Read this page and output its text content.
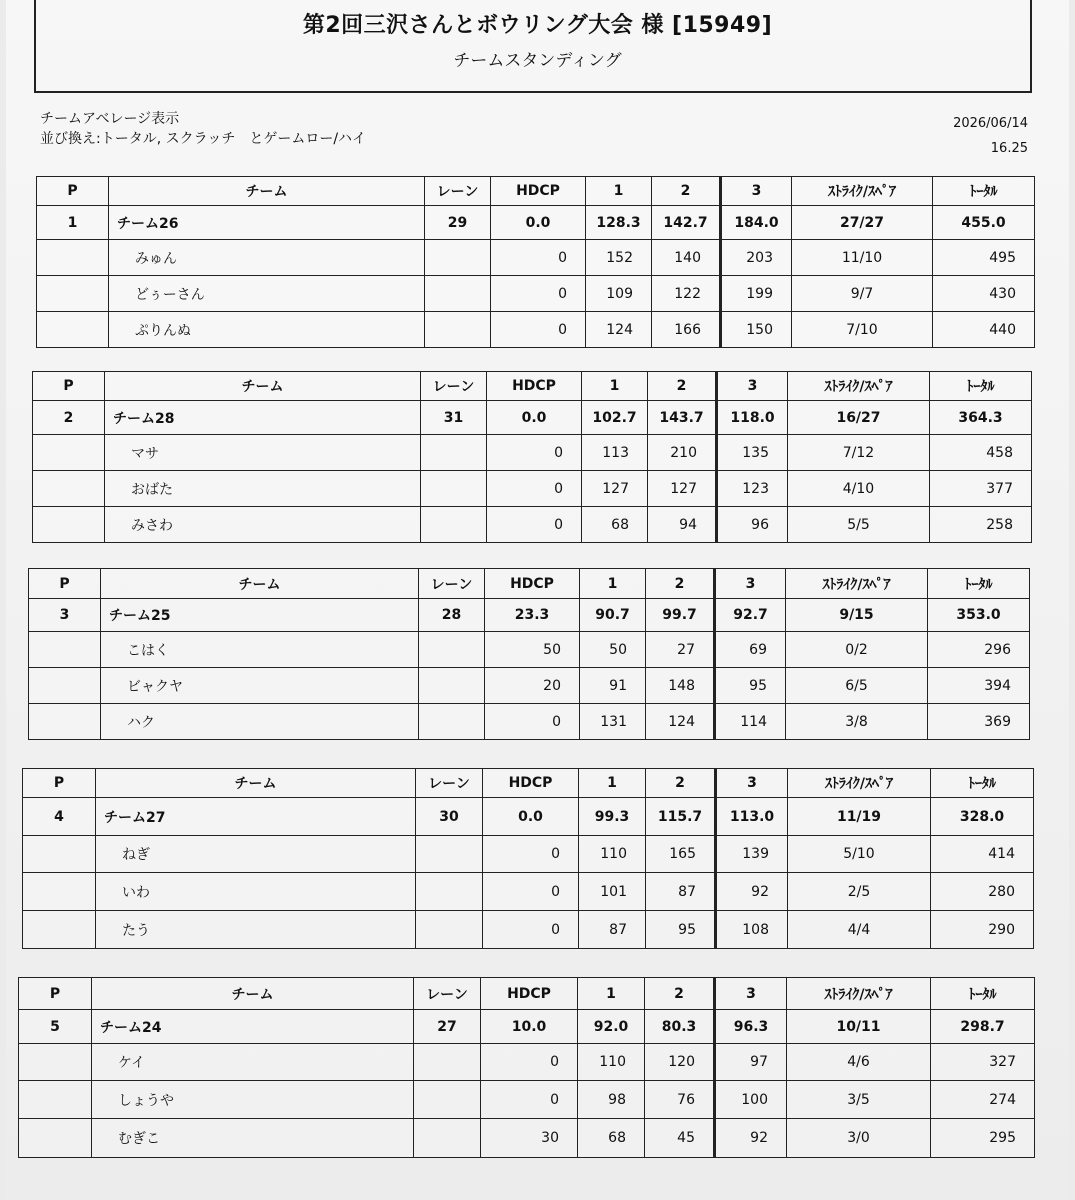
第2回三沢さんとボウリング大会 様 [15949]
チームスタンディング
チームアベレージ表示
並び換え:トータル, スクラッチ　とゲームロー/ハイ
2026/06/14
16.25
P	チーム	レーン	HDCP	1	2	3	ｽﾄﾗｲｸ/ｽﾍﾟｱ	ﾄｰﾀﾙ
1	チーム26	29	0.0	128.3	142.7	184.0	27/27	455.0
	みゅん		0	152	140	203	11/10	495
	どぅーさん		0	109	122	199	9/7	430
	ぷりんぬ		0	124	166	150	7/10	440
P	チーム	レーン	HDCP	1	2	3	ｽﾄﾗｲｸ/ｽﾍﾟｱ	ﾄｰﾀﾙ
2	チーム28	31	0.0	102.7	143.7	118.0	16/27	364.3
	マサ		0	113	210	135	7/12	458
	おばた		0	127	127	123	4/10	377
	みさわ		0	68	94	96	5/5	258
P	チーム	レーン	HDCP	1	2	3	ｽﾄﾗｲｸ/ｽﾍﾟｱ	ﾄｰﾀﾙ
3	チーム25	28	23.3	90.7	99.7	92.7	9/15	353.0
	こはく		50	50	27	69	0/2	296
	ビャクヤ		20	91	148	95	6/5	394
	ハク		0	131	124	114	3/8	369
P	チーム	レーン	HDCP	1	2	3	ｽﾄﾗｲｸ/ｽﾍﾟｱ	ﾄｰﾀﾙ
4	チーム27	30	0.0	99.3	115.7	113.0	11/19	328.0
	ねぎ		0	110	165	139	5/10	414
	いわ		0	101	87	92	2/5	280
	たう		0	87	95	108	4/4	290
P	チーム	レーン	HDCP	1	2	3	ｽﾄﾗｲｸ/ｽﾍﾟｱ	ﾄｰﾀﾙ
5	チーム24	27	10.0	92.0	80.3	96.3	10/11	298.7
	ケイ		0	110	120	97	4/6	327
	しょうや		0	98	76	100	3/5	274
	むぎこ		30	68	45	92	3/0	295
